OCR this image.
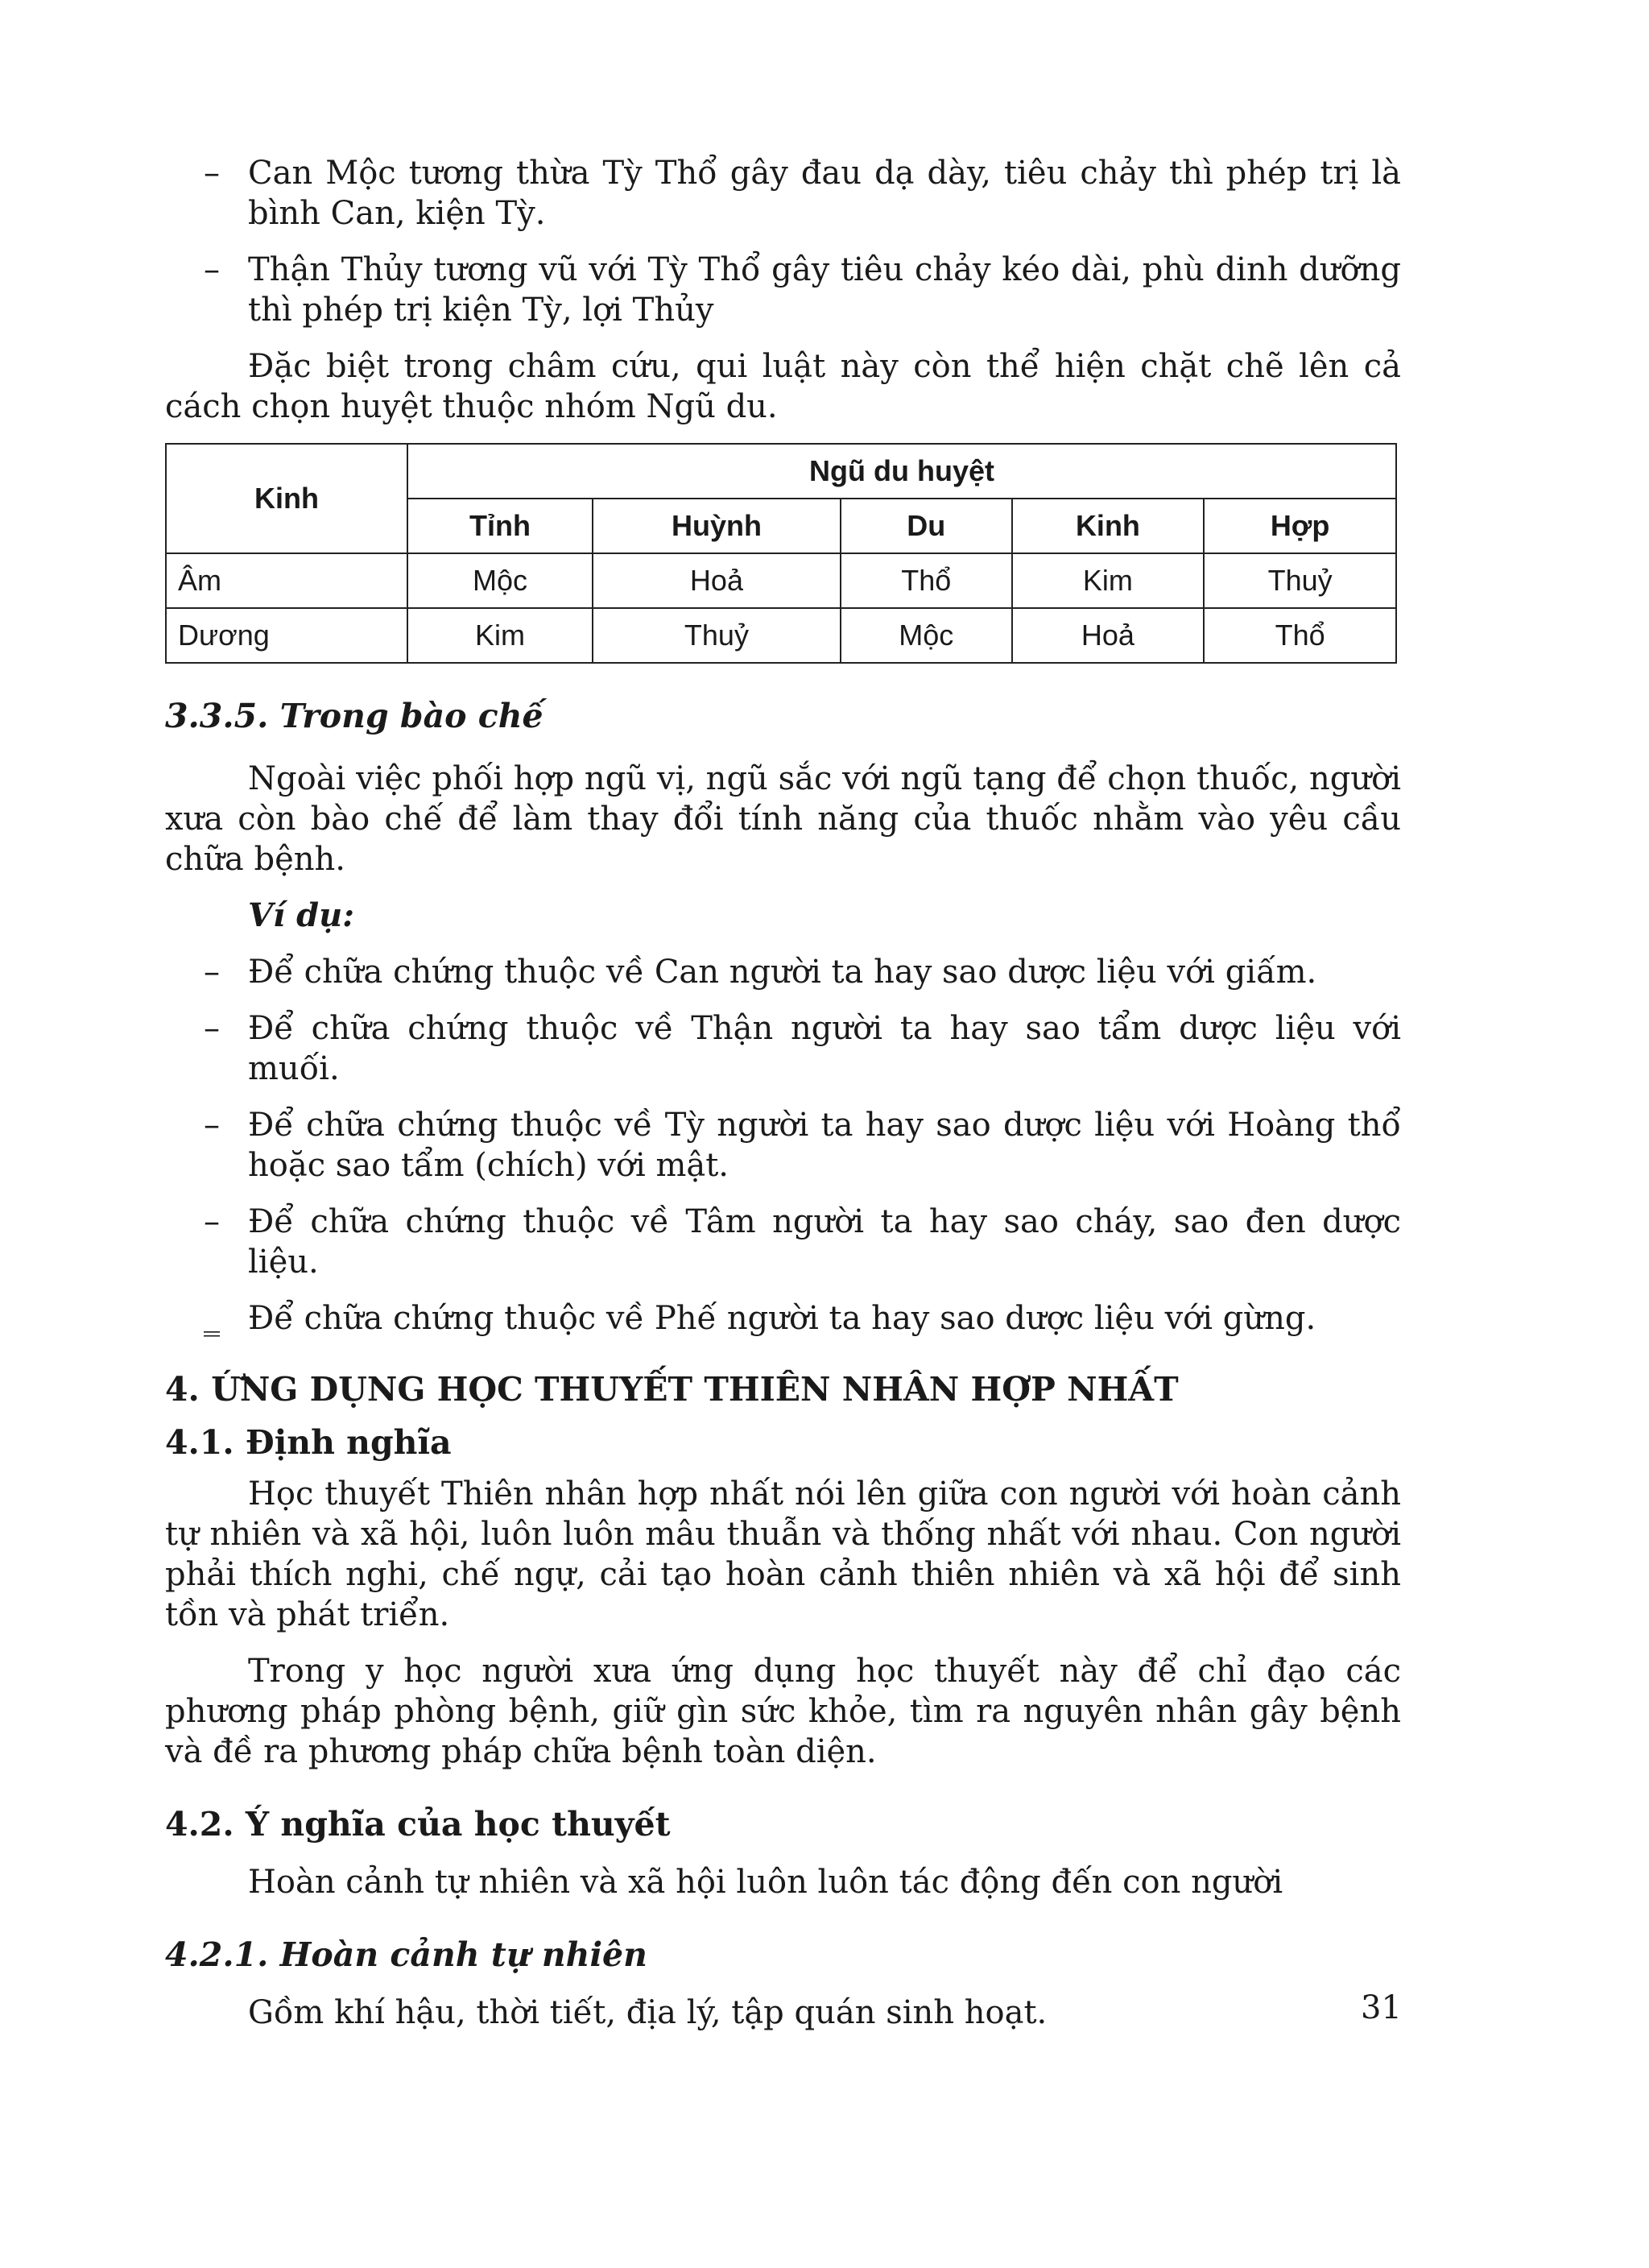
– Can Mộc tương thừa Tỳ Thổ gây đau dạ dày, tiêu chảy thì phép trị là bình Can, kiện Tỳ.

– Thận Thủy tương vũ với Tỳ Thổ gây tiêu chảy kéo dài, phù dinh dưỡng thì phép trị kiện Tỳ, lợi Thủy

Đặc biệt trong châm cứu, qui luật này còn thể hiện chặt chẽ lên cả cách chọn huyệt thuộc nhóm Ngũ du.

Kinh	Ngũ du huyệt				
	Tỉnh	Huỳnh	Du	Kinh	Hợp
Âm	Mộc	Hoả	Thổ	Kim	Thuỷ
Dương	Kim	Thuỷ	Mộc	Hoả	Thổ
3.3.5. Trong bào chế

Ngoài việc phối hợp ngũ vị, ngũ sắc với ngũ tạng để chọn thuốc, người xưa còn bào chế để làm thay đổi tính năng của thuốc nhằm vào yêu cầu chữa bệnh.

Ví dụ:

– Để chữa chứng thuộc về Can người ta hay sao dược liệu với giấm.

– Để chữa chứng thuộc về Thận người ta hay sao tẩm dược liệu với muối.

– Để chữa chứng thuộc về Tỳ người ta hay sao dược liệu với Hoàng thổ hoặc sao tẩm (chích) với mật.

– Để chữa chứng thuộc về Tâm người ta hay sao cháy, sao đen dược liệu.

‗ Để chữa chứng thuộc về Phế người ta hay sao dược liệu với gừng.

4. ỨNG DỤNG HỌC THUYẾT THIÊN NHÂN HỢP NHẤT
4.1. Định nghĩa

Học thuyết Thiên nhân hợp nhất nói lên giữa con người với hoàn cảnh tự nhiên và xã hội, luôn luôn mâu thuẫn và thống nhất với nhau. Con người phải thích nghi, chế ngự, cải tạo hoàn cảnh thiên nhiên và xã hội để sinh tồn và phát triển.

Trong y học người xưa ứng dụng học thuyết này để chỉ đạo các phương pháp phòng bệnh, giữ gìn sức khỏe, tìm ra nguyên nhân gây bệnh và đề ra phương pháp chữa bệnh toàn diện.

4.2. Ý nghĩa của học thuyết

Hoàn cảnh tự nhiên và xã hội luôn luôn tác động đến con người

4.2.1. Hoàn cảnh tự nhiên

Gồm khí hậu, thời tiết, địa lý, tập quán sinh hoạt.	31
